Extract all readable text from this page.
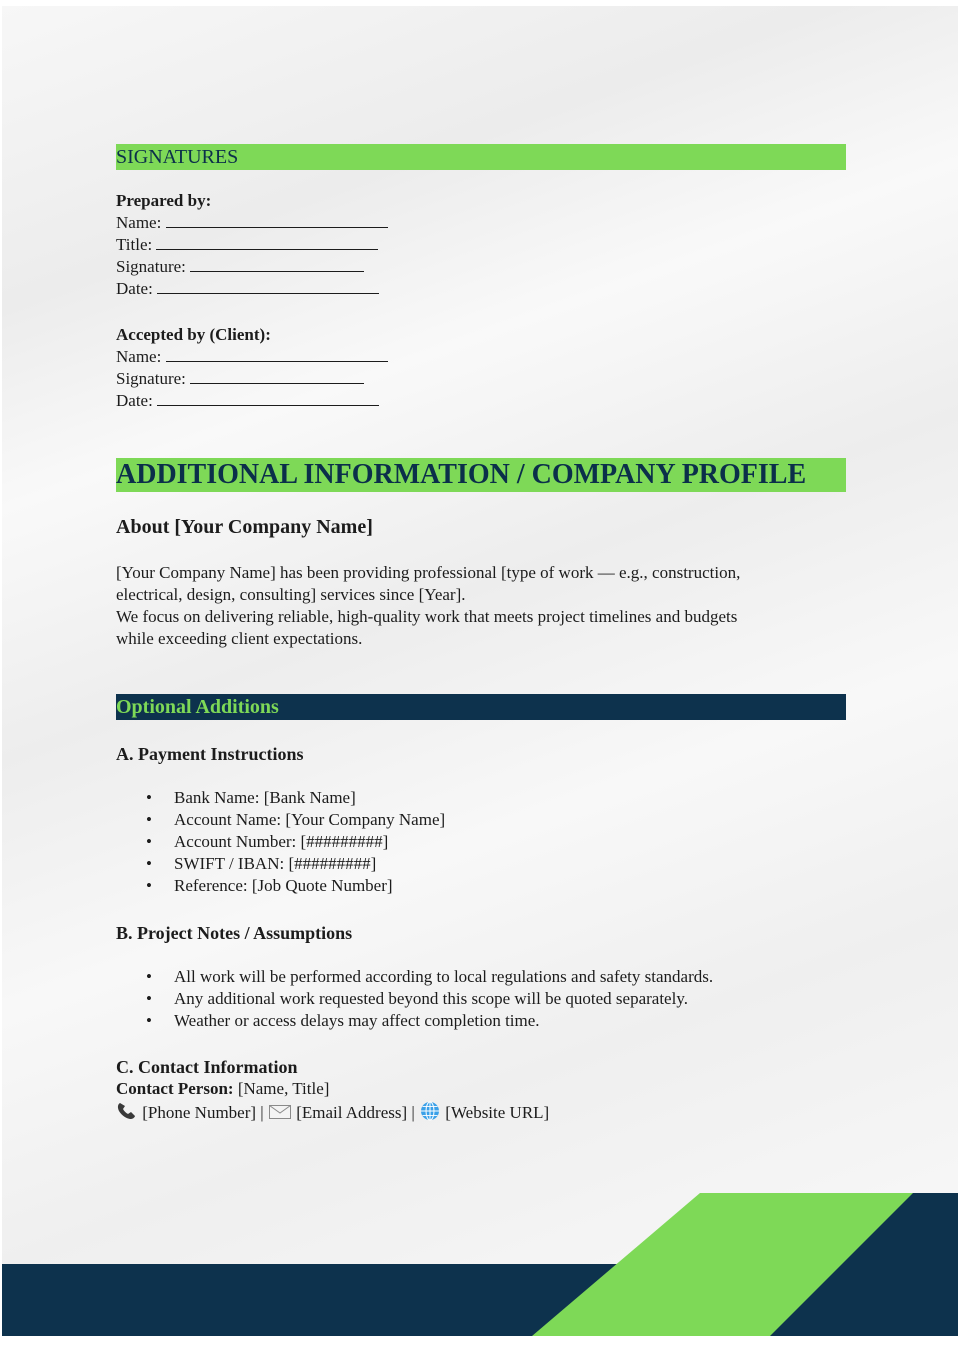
SIGNATURES
Prepared by:
Name:
Title:
Signature:
Date:
Accepted by (Client):
Name:
Signature:
Date:
ADDITIONAL INFORMATION / COMPANY PROFILE
About [Your Company Name]
[Your Company Name] has been providing professional [type of work — e.g., construction,
electrical, design, consulting] services since [Year].
We focus on delivering reliable, high-quality work that meets project timelines and budgets
while exceeding client expectations.
Optional Additions
A. Payment Instructions
• Bank Name: [Bank Name]
• Account Name: [Your Company Name]
• Account Number: [#########]
• SWIFT / IBAN: [#########]
• Reference: [Job Quote Number]
B. Project Notes / Assumptions
• All work will be performed according to local regulations and safety standards.
• Any additional work requested beyond this scope will be quoted separately.
• Weather or access delays may affect completion time.
C. Contact Information
Contact Person: [Name, Title]
[Phone Number] | [Email Address] | [Website URL]
